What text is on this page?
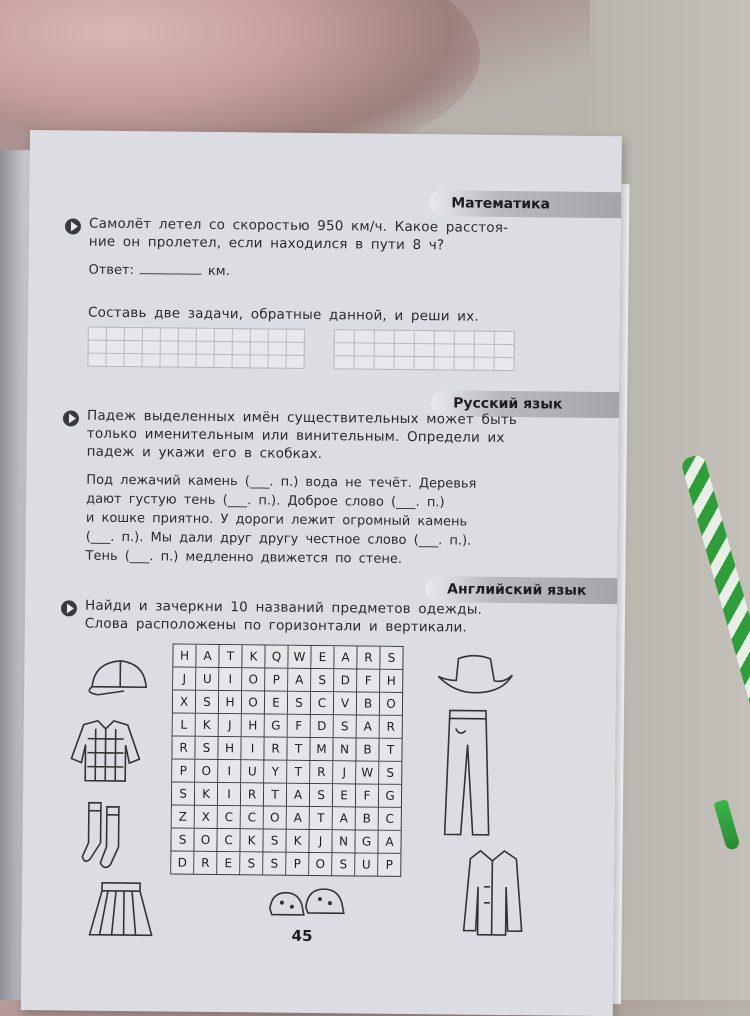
Математика
Самолёт летел со скоростью 950 км/ч. Какое расстоя-
ние он пролетел, если находился в пути 8 ч?
Ответ:	км.
Составь две задачи, обратные данной, и реши их.
Русский язык
Падеж выделенных имён существительных может быть
только именительным или винительным. Определи их
падеж и укажи его в скобках.
Под лежачий камень (___. п.) вода не течёт. Деревья
дают густую тень (___. п.). Доброе слово (___. п.)
и кошке приятно. У дороги лежит огромный камень
(___. п.). Мы дали друг другу честное слово (___. п.).
Тень (___. п.) медленно движется по стене.
Английский язык
Найди и зачеркни 10 названий предметов одежды.
Слова расположены по горизонтали и вертикали.
H	A	T	K	Q	W	E	A	R	S
J	U	I	O	P	A	S	D	F	H
X	S	H	O	E	S	C	V	B	O
L	K	J	H	G	F	D	S	A	R
R	S	H	I	R	T	M	N	B	T
P	O	I	U	Y	T	R	J	W	S
S	K	I	R	T	A	S	E	F	G
Z	X	C	C	O	A	T	A	B	C
S	O	C	K	S	K	J	N	G	A
D	R	E	S	S	P	O	S	U	P
45
